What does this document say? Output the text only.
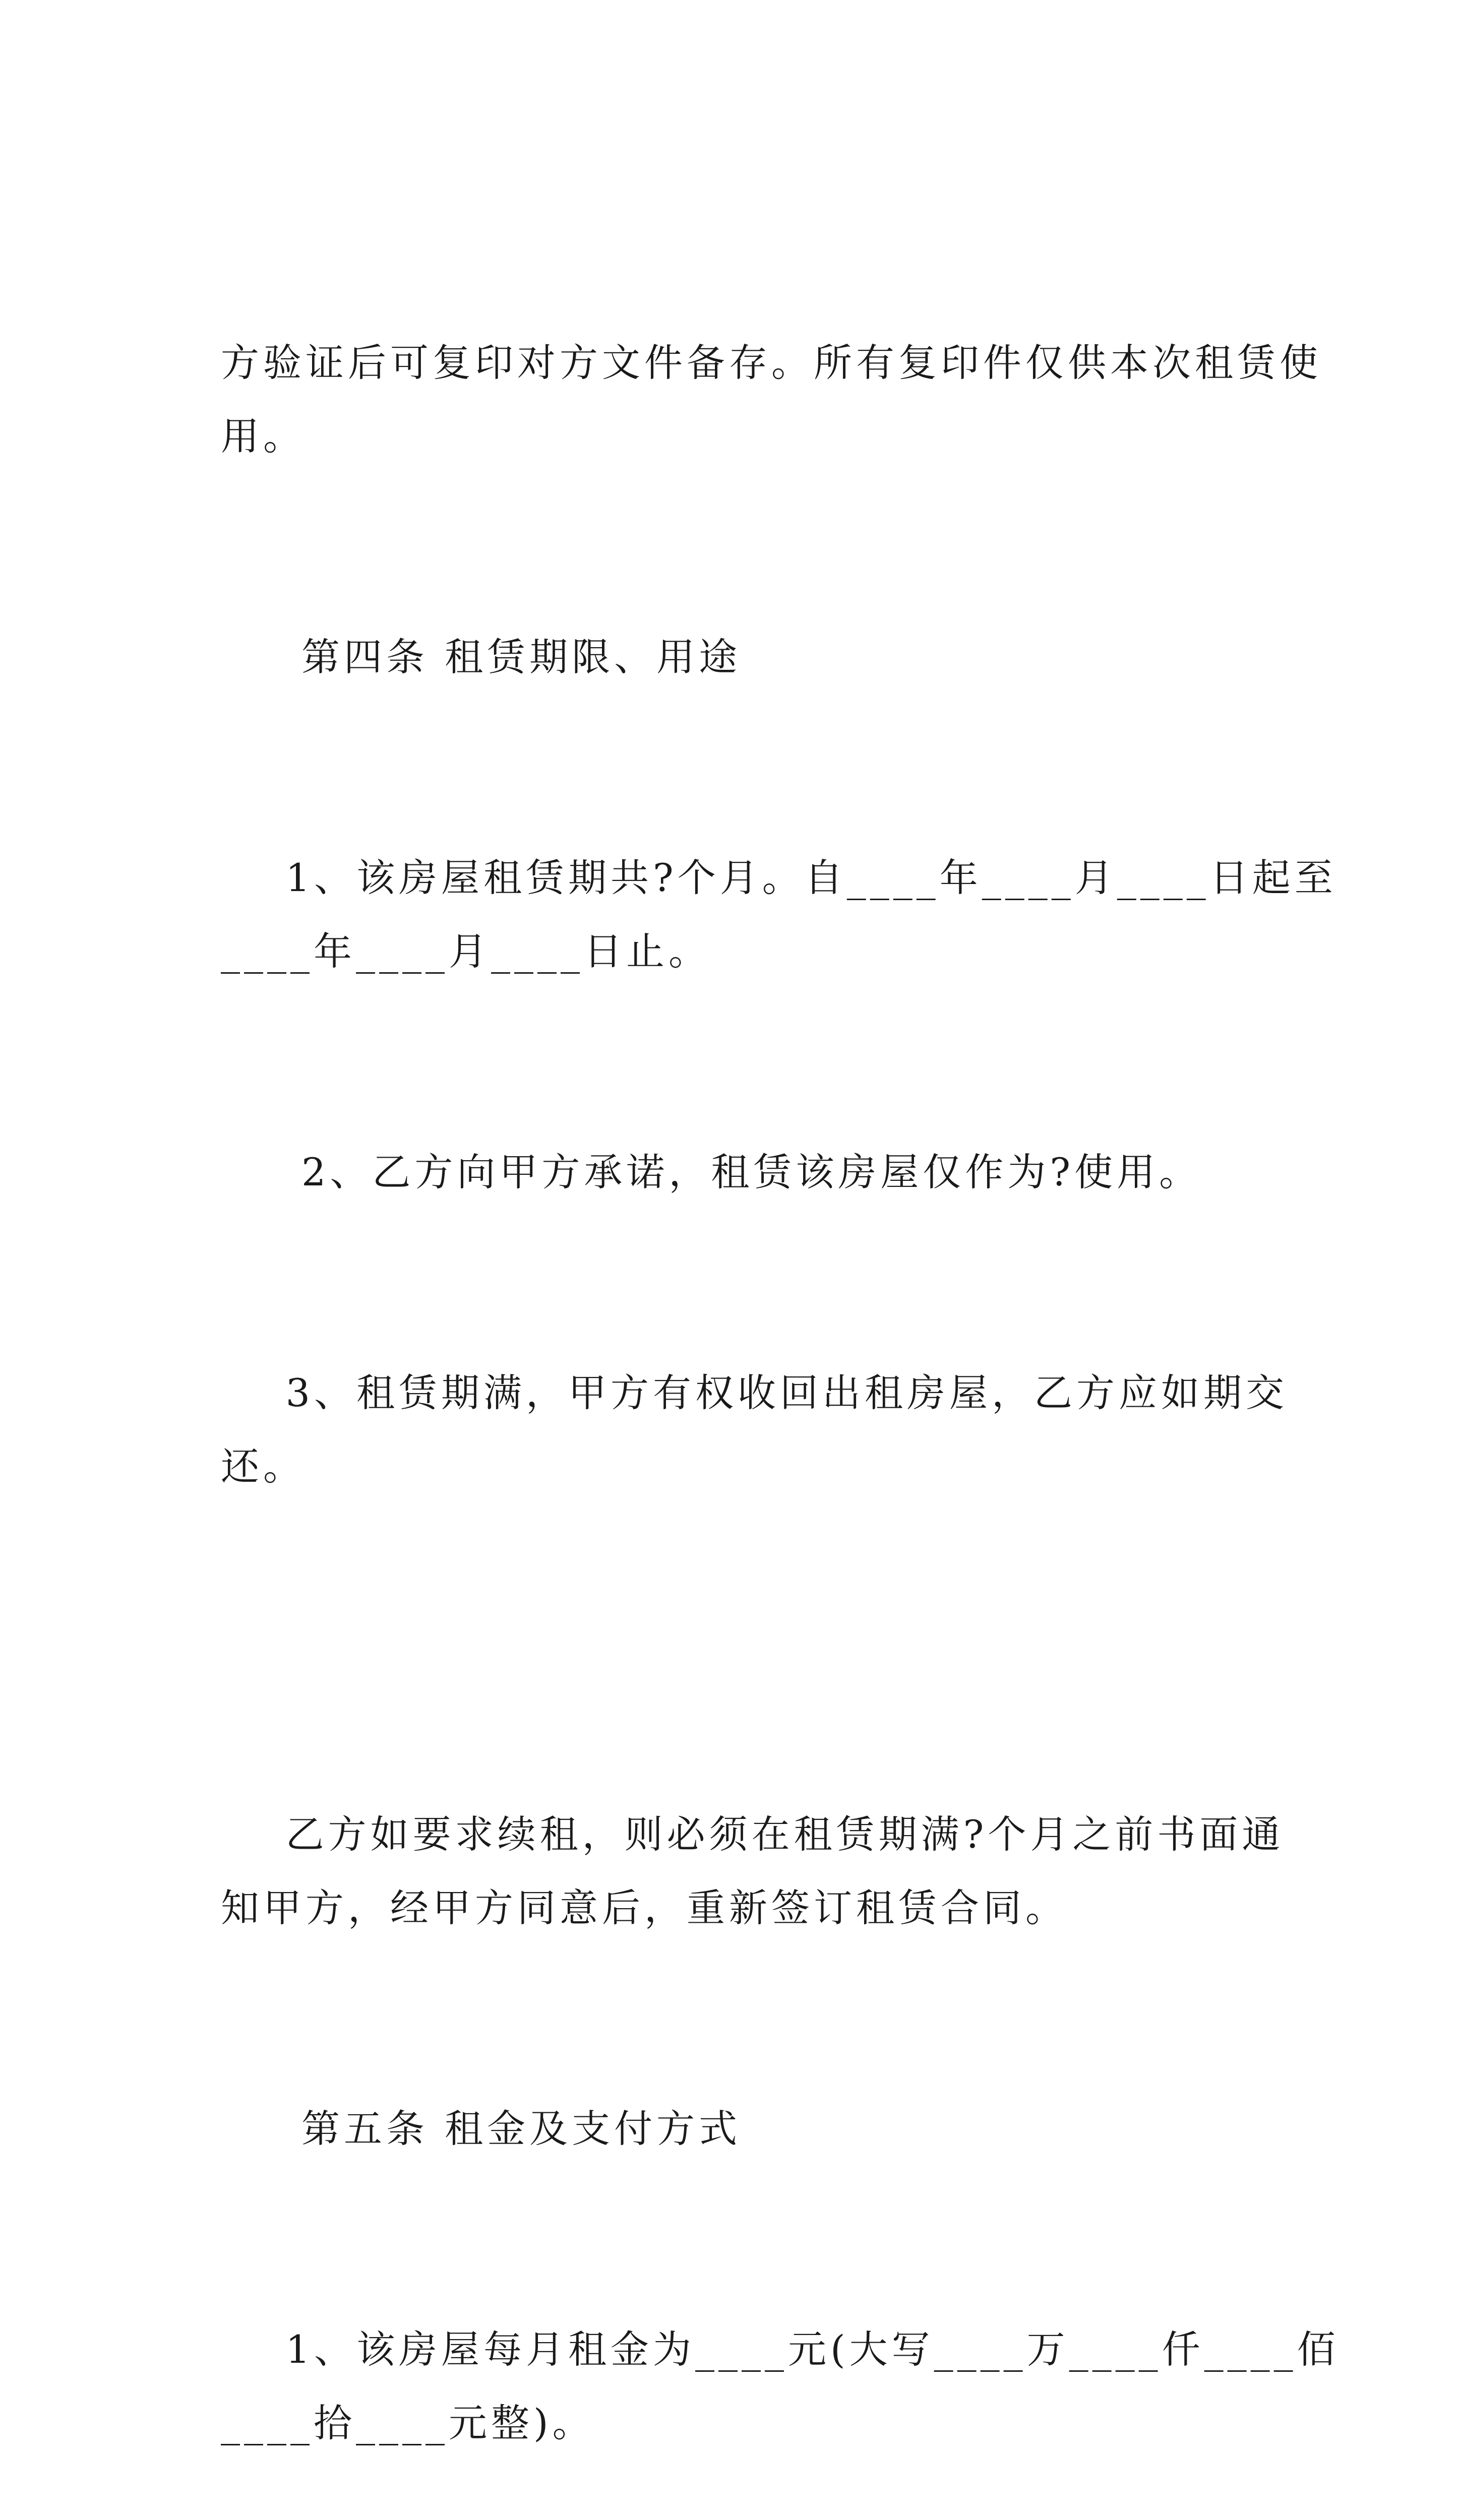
方验证后可复印对方文件备存。所有复印件仅供本次租赁使
用。

第四条 租赁期限、用途

1、该房屋租赁期共?个月。自____年____月____日起至
____年____月____日止。

2、乙方向甲方承诺，租赁该房屋仅作为?使用。

3、租赁期满，甲方有权收回出租房屋，乙方应如期交
还。

乙方如要求续租，则必须在租赁期满?个月之前书面通
知甲方，经甲方同意后，重新签订租赁合同。

第五条 租金及支付方式

1、该房屋每月租金为____元(大写____万____仟____佰
____拾____元整)。
